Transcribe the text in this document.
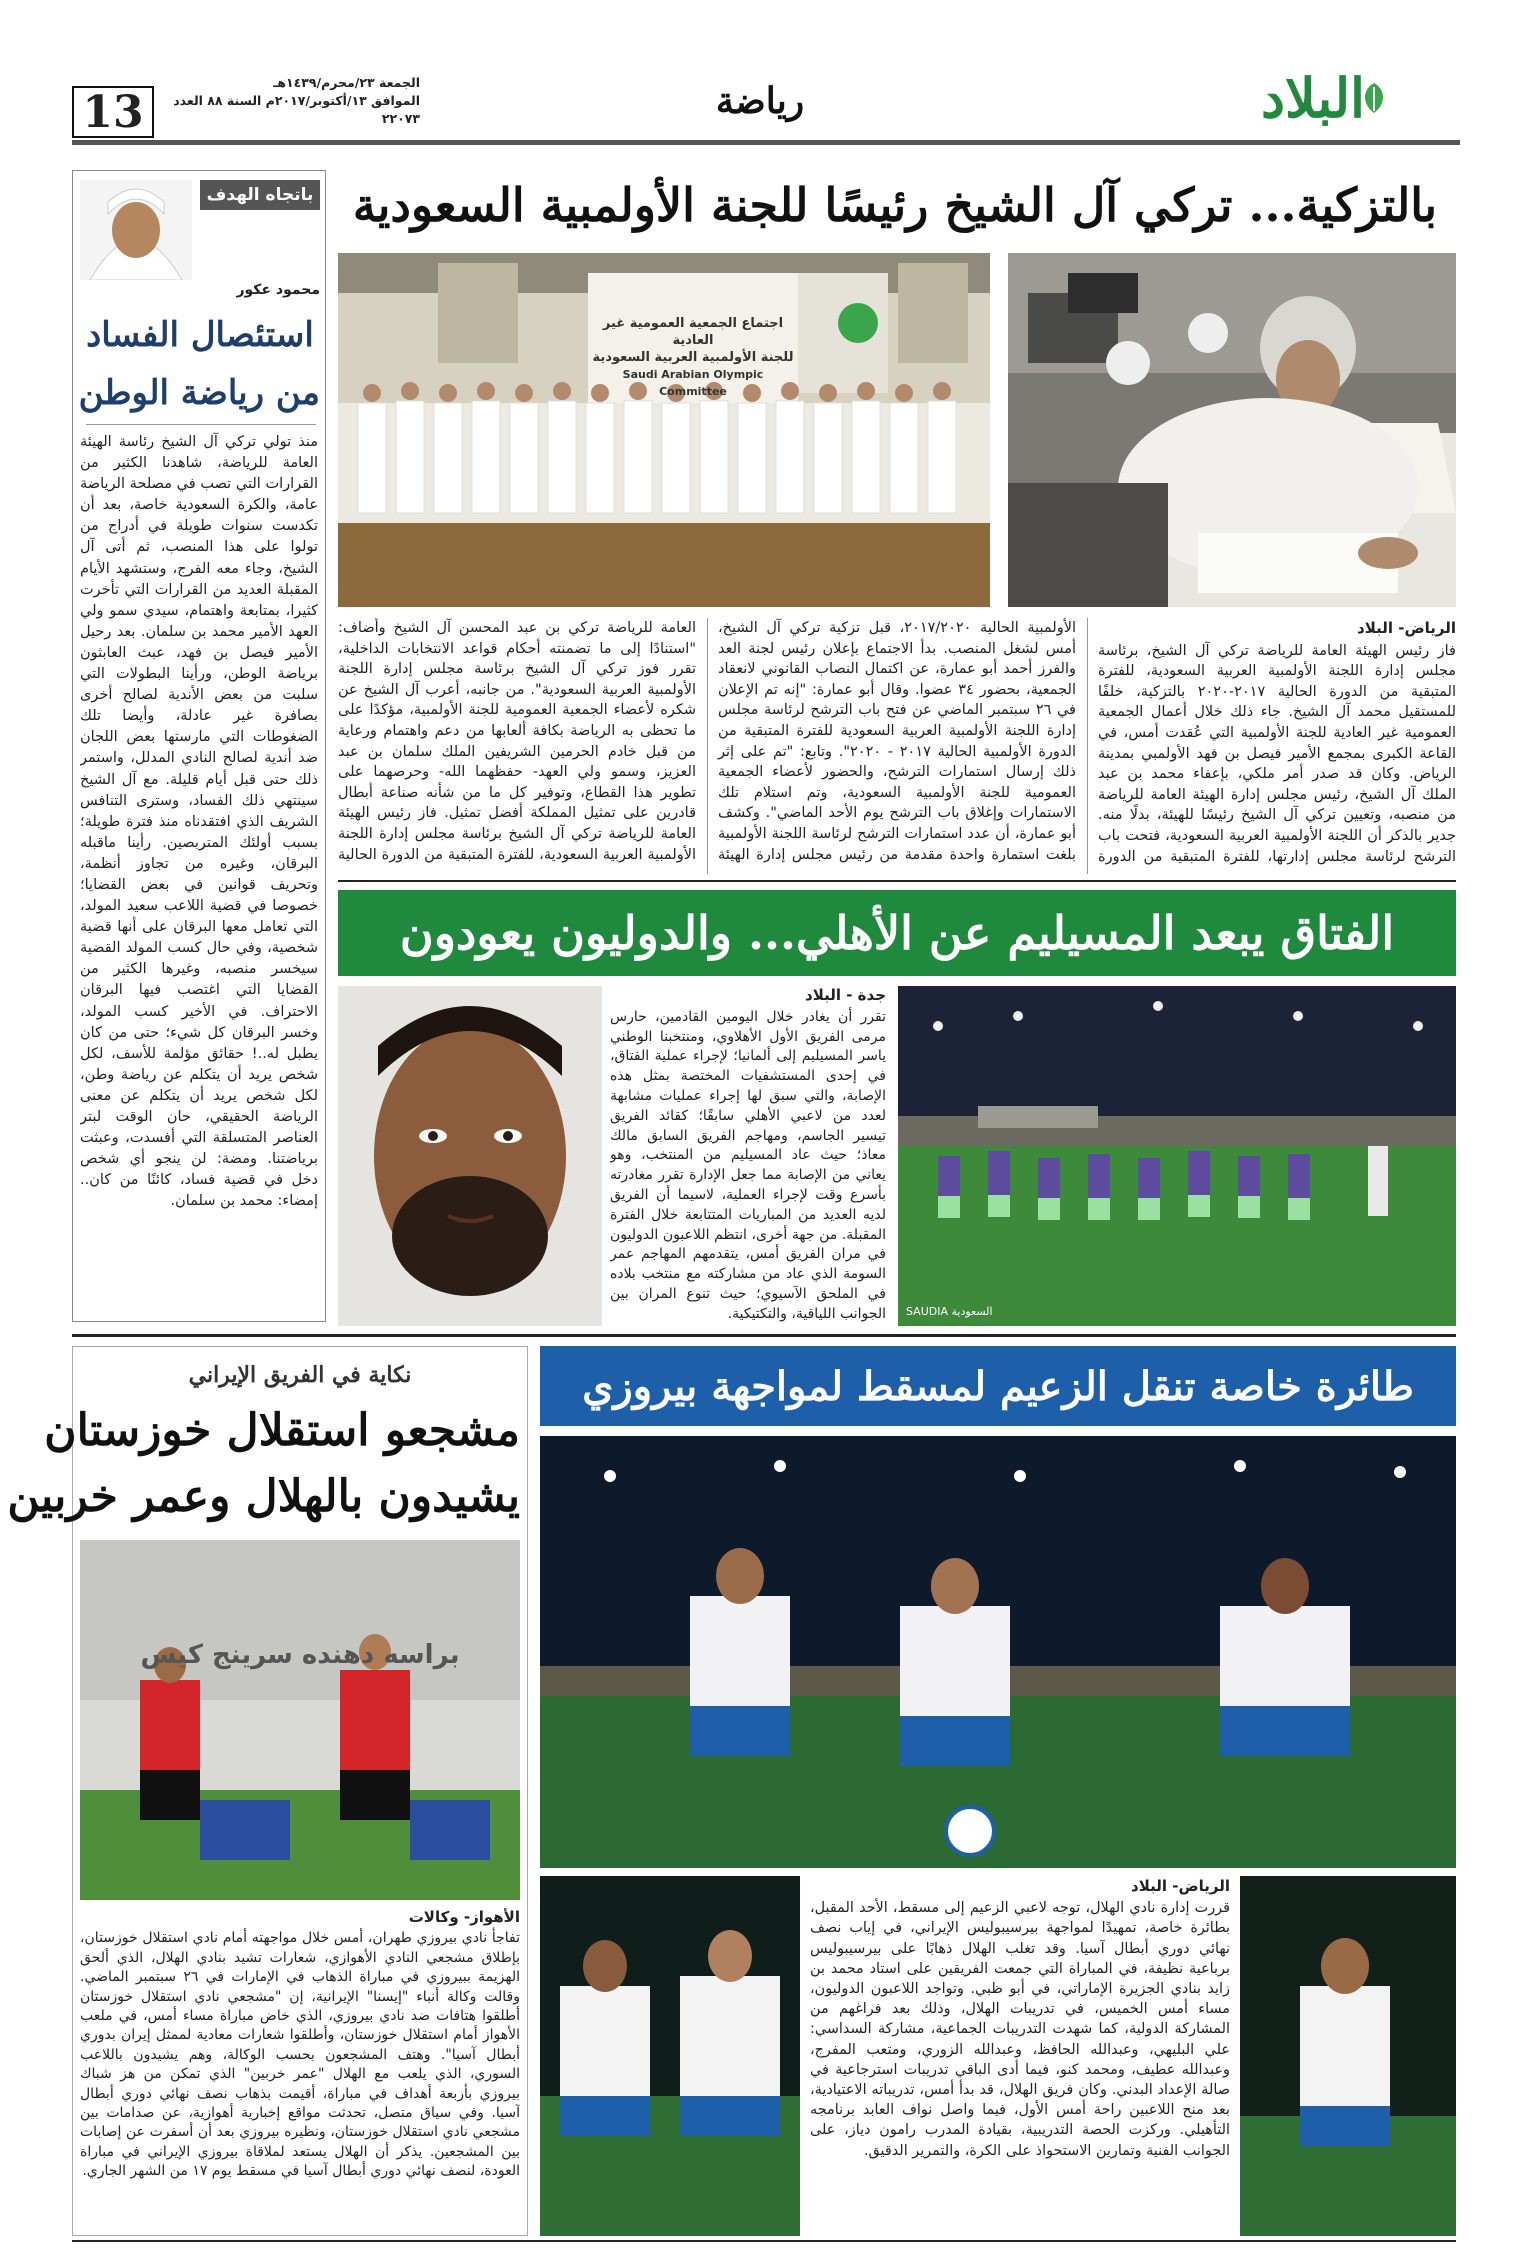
البلاد
رياضة
الجمعة ٢٣/محرم/١٤٣٩هـ
الموافق ١٣/أكتوبر/٢٠١٧م السنة ٨٨ العدد ٢٢٠٧٣
13
بالتزكية... تركي آل الشيخ رئيسًا للجنة الأولمبية السعودية
اجتماع الجمعية العمومية غير العادية
للجنة الأولمبية العربية السعودية
Saudi Arabian Olympic Committee
الرياض- البلاد
فاز رئيس الهيئة العامة للرياضة تركي آل الشيخ، برئاسة مجلس إدارة اللجنة الأولمبية العربية السعودية، للفترة المتبقية من الدورة الحالية ٢٠١٧-٢٠٢٠ بالتزكية، خلفًا للمستقيل محمد آل الشيخ. جاء ذلك خلال أعمال الجمعية العمومية غير العادية للجنة الأولمبية التي عُقدت أمس، في القاعة الكبرى بمجمع الأمير فيصل بن فهد الأولمبي بمدينة الرياض. وكان قد صدر أمر ملكي، بإعفاء محمد بن عبد الملك آل الشيخ، رئيس مجلس إدارة الهيئة العامة للرياضة من منصبه، وتعيين تركي آل الشيخ رئيسًا للهيئة، بدلًا منه. جدير بالذكر أن اللجنة الأولمبية العربية السعودية، فتحت باب الترشح لرئاسة مجلس إدارتها، للفترة المتبقية من الدورة الأولمبية الحالية ٢٠١٧/٢٠٢٠، قبل تزكية تركي آل الشيخ، أمس لشغل المنصب. بدأ الاجتماع بإعلان رئيس لجنة العد والفرز أحمد أبو عمارة، عن اكتمال النصاب القانوني لانعقاد الجمعية، بحضور ٣٤ عضوا. وقال أبو عمارة: "إنه تم الإعلان في ٢٦ سبتمبر الماضي عن فتح باب الترشح لرئاسة مجلس إدارة اللجنة الأولمبية العربية السعودية للفترة المتبقية من الدورة الأولمبية الحالية ٢٠١٧ - ٢٠٢٠". وتابع: "تم على إثر ذلك إرسال استمارات الترشح، والحضور لأعضاء الجمعية العمومية للجنة الأولمبية السعودية، وتم استلام تلك الاستمارات وإغلاق باب الترشح يوم الأحد الماضي". وكشف أبو عمارة، أن عدد استمارات الترشح لرئاسة اللجنة الأولمبية بلغت استمارة واحدة مقدمة من رئيس مجلس إدارة الهيئة العامة للرياضة تركي بن عبد المحسن آل الشيخ وأضاف: "استنادًا إلى ما تضمنته أحكام قواعد الانتخابات الداخلية، تقرر فوز تركي آل الشيخ برئاسة مجلس إدارة اللجنة الأولمبية العربية السعودية". من جانبه، أعرب آل الشيخ عن شكره لأعضاء الجمعية العمومية للجنة الأولمبية، مؤكدًا على ما تحظى به الرياضة بكافة ألعابها من دعم واهتمام ورعاية من قبل خادم الحرمين الشريفين الملك سلمان بن عبد العزيز، وسمو ولي العهد- حفظهما الله- وحرصهما على تطوير هذا القطاع، وتوفير كل ما من شأنه صناعة أبطال قادرين على تمثيل المملكة أفضل تمثيل. فاز رئيس الهيئة العامة للرياضة تركي آل الشيخ برئاسة مجلس إدارة اللجنة الأولمبية العربية السعودية، للفترة المتبقية من الدورة الحالية
الفتاق يبعد المسيليم عن الأهلي... والدوليون يعودون
السعودية SAUDIA
جدة - البلاد
تقرر أن يغادر خلال اليومين القادمين، حارس مرمى الفريق الأول الأهلاوي، ومنتخبنا الوطني ياسر المسيليم إلى ألمانيا؛ لإجراء عملية الفتاق، في إحدى المستشفيات المختصة بمثل هذه الإصابة، والتي سبق لها إجراء عمليات مشابهة لعدد من لاعبي الأهلي سابقًا؛ كقائد الفريق تيسير الجاسم، ومهاجم الفريق السابق مالك معاذ؛ حيث عاد المسيليم من المنتخب، وهو يعاني من الإصابة مما جعل الإدارة تقرر مغادرته بأسرع وقت لإجراء العملية، لاسيما أن الفريق لديه العديد من المباريات المتتابعة خلال الفترة المقبلة. من جهة أخرى، انتظم اللاعبون الدوليون في مران الفريق أمس، يتقدمهم المهاجم عمر السومة الذي عاد من مشاركته مع منتخب بلاده في الملحق الآسيوي؛ حيث تنوع المران بين الجوانب اللياقية، والتكتيكية.
باتجاه الهدف
محمود عكور
استئصال الفساد
من رياضة الوطن
منذ تولي تركي آل الشيخ رئاسة الهيئة العامة للرياضة، شاهدنا الكثير من القرارات التي تصب في مصلحة الرياضة عامة، والكرة السعودية خاصة، بعد أن تكدست سنوات طويلة في أدراج من تولوا على هذا المنصب، ثم أتى آل الشيخ، وجاء معه الفرج، وستشهد الأيام المقبلة العديد من القرارات التي تأخرت كثيرا، بمتابعة واهتمام، سيدي سمو ولي العهد الأمير محمد بن سلمان. بعد رحيل الأمير فيصل بن فهد، عبث العابثون برياضة الوطن، ورأينا البطولات التي سلبت من بعض الأندية لصالح أخرى بصافرة غير عادلة، وأيضا تلك الضغوطات التي مارستها بعض اللجان ضد أندية لصالح النادي المدلل، واستمر ذلك حتى قبل أيام قليلة. مع آل الشيخ سينتهي ذلك الفساد، وسترى التنافس الشريف الذي افتقدناه منذ فترة طويلة؛ بسبب أولئك المتربصين. رأينا ماقبله البرقان، وغيره من تجاوز أنظمة، وتحريف قوانين في بعض القضايا؛ خصوصا في قضية اللاعب سعيد المولد، التي تعامل معها البرقان على أنها قضية شخصية، وفي حال كسب المولد القضية سيخسر منصبه، وغيرها الكثير من القضايا التي اغتصب فيها البرقان الاحتراف. في الأخير كسب المولد، وخسر البرقان كل شيء؛ حتى من كان يطبل له..! حقائق مؤلمة للأسف، لكل شخص يريد أن يتكلم عن رياضة وطن، لكل شخص يريد أن يتكلم عن معنى الرياضة الحقيقي، حان الوقت لبتر العناصر المتسلقة التي أفسدت، وعبثت برياضتنا. ومضة: لن ينجو أي شخص دخل في قضية فساد، كائنًا من كان.. إمضاء: محمد بن سلمان.
طائرة خاصة تنقل الزعيم لمسقط لمواجهة بيروزي
الرياض- البلاد
قررت إدارة نادي الهلال، توجه لاعبي الزعيم إلى مسقط، الأحد المقبل، بطائرة خاصة، تمهيدًا لمواجهة بيرسيبوليس الإيراني، في إياب نصف نهائي دوري أبطال آسيا. وقد تغلب الهلال ذهابًا على بيرسيبوليس برباعية نظيفة، في المباراة التي جمعت الفريقين على استاد محمد بن زايد بنادي الجزيرة الإماراتي، في أبو ظبي. وتواجد اللاعبون الدوليون، مساء أمس الخميس، في تدريبات الهلال، وذلك بعد فراغهم من المشاركة الدولية، كما شهدت التدريبات الجماعية، مشاركة السداسي: علي البليهي، وعبدالله الحافظ، وعبدالله الزوري، ومتعب المفرج، وعبدالله عطيف، ومحمد كنو، فيما أدى الباقي تدريبات استرجاعية في صالة الإعداد البدني. وكان فريق الهلال، قد بدأ أمس، تدريباته الاعتيادية، بعد منح اللاعبين راحة أمس الأول، فيما واصل نواف العابد برنامجه التأهيلي. وركزت الحصة التدريبية، بقيادة المدرب رامون دياز، على الجوانب الفنية وتمارين الاستحواذ على الكرة، والتمرير الدقيق.
نكاية في الفريق الإيراني
مشجعو استقلال خوزستان
يشيدون بالهلال وعمر خربين
براسه دهنده سرینج کیس
الأهواز- وكالات
تفاجأ نادي بيروزي طهران، أمس خلال مواجهته أمام نادي استقلال خوزستان، بإطلاق مشجعي النادي الأهوازي، شعارات تشيد بنادي الهلال، الذي ألحق الهزيمة ببيروزي في مباراة الذهاب في الإمارات في ٢٦ سبتمبر الماضي. وقالت وكالة أنباء "إيسنا" الإيرانية، إن "مشجعي نادي استقلال خوزستان أطلقوا هتافات ضد نادي بيروزي، الذي خاض مباراة مساء أمس، في ملعب الأهواز أمام استقلال خوزستان، وأطلقوا شعارات معادية لممثل إيران بدوري أبطال آسيا". وهتف المشجعون بحسب الوكالة، وهم يشيدون باللاعب السوري، الذي يلعب مع الهلال "عمر خربين" الذي تمكن من هز شباك بيروزي بأربعة أهداف في مباراة، أقيمت بذهاب نصف نهائي دوري أبطال آسيا. وفي سياق متصل، تحدثت مواقع إخبارية أهوازية، عن صدامات بين مشجعي نادي استقلال خوزستان، ونظيره بيروزي بعد أن أسفرت عن إصابات بين المشجعين. يذكر أن الهلال يستعد لملاقاة بيروزي الإيراني في مباراة العودة، لنصف نهائي دوري أبطال آسيا في مسقط يوم ١٧ من الشهر الجاري.
